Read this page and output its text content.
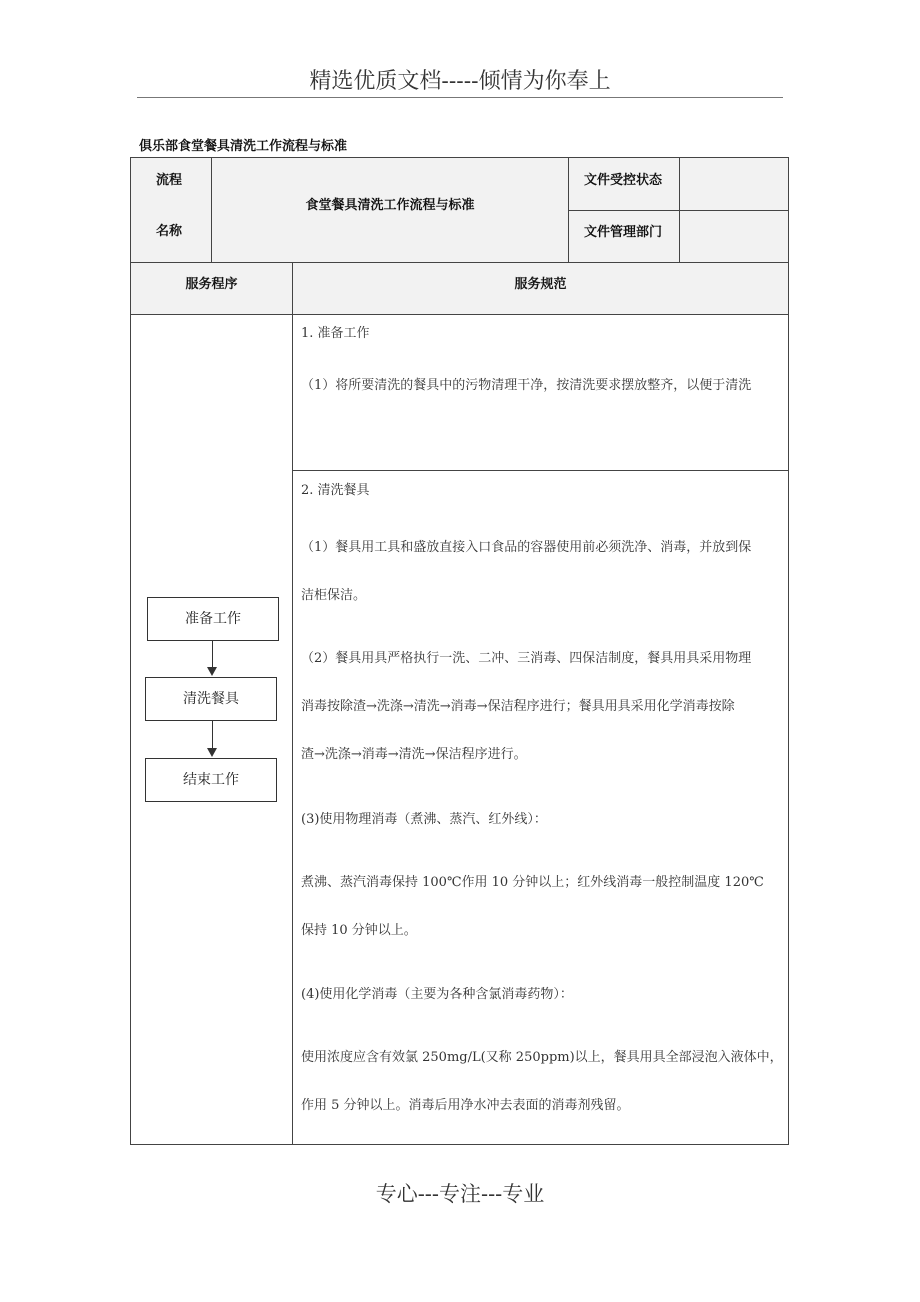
精选优质文档-----倾情为你奉上
俱乐部食堂餐具清洗工作流程与标准
流程
名称
食堂餐具清洗工作流程与标准
文件受控状态
文件管理部门
服务程序	服务规范
1. 准备工作
（1）将所要清洗的餐具中的污物清理干净，按清洗要求摆放整齐，以便于清洗
2. 清洗餐具
（1）餐具用工具和盛放直接入口食品的容器使用前必须洗净、消毒，并放到保
洁柜保洁。
（2）餐具用具严格执行一洗、二冲、三消毒、四保洁制度，餐具用具采用物理
消毒按除渣→洗涤→清洗→消毒→保洁程序进行；餐具用具采用化学消毒按除
渣→洗涤→消毒→清洗→保洁程序进行。
(3)使用物理消毒（煮沸、蒸汽、红外线）：
煮沸、蒸汽消毒保持 100℃作用 10 分钟以上；红外线消毒一般控制温度 120℃
保持 10 分钟以上。
(4)使用化学消毒（主要为各种含氯消毒药物）：
使用浓度应含有效氯 250mg/L(又称 250ppm)以上，餐具用具全部浸泡入液体中，
作用 5 分钟以上。消毒后用净水冲去表面的消毒剂残留。
准备工作
清洗餐具
结束工作
专心---专注---专业
